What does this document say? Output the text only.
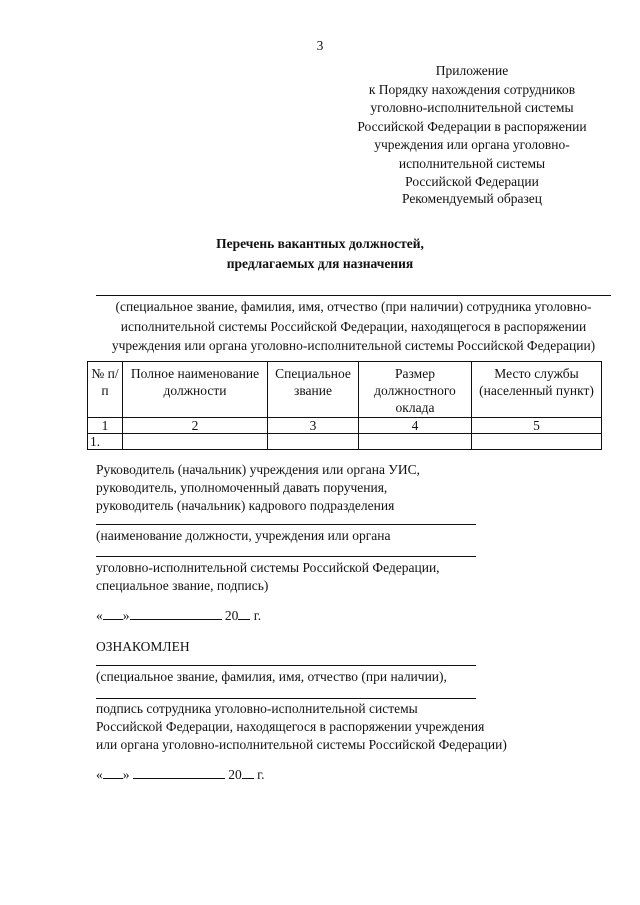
3
Приложение
к Порядку нахождения сотрудников
уголовно-исполнительной системы
Российской Федерации в распоряжении
учреждения или органа уголовно-
исполнительной системы
Российской Федерации
Рекомендуемый образец
Перечень вакантных должностей,
предлагаемых для назначения
(специальное звание, фамилия, имя, отчество (при наличии) сотрудника уголовно-
исполнительной системы Российской Федерации, находящегося в распоряжении
учреждения или органа уголовно-исполнительной системы Российской Федерации)
№ п/п	Полное наименование должности	Специальное звание	Размер должностного оклада	Место службы (населенный пункт)
1	2	3	4	5
1.				
Руководитель (начальник) учреждения или органа УИС,
руководитель, уполномоченный давать поручения,
руководитель (начальник) кадрового подразделения
(наименование должности, учреждения или органа
уголовно-исполнительной системы Российской Федерации,
специальное звание, подпись)
« »	20 г.
ОЗНАКОМЛЕН
(специальное звание, фамилия, имя, отчество (при наличии),
подпись сотрудника уголовно-исполнительной системы
Российской Федерации, находящегося в распоряжении учреждения
или органа уголовно-исполнительной системы Российской Федерации)
« »	20 г.
